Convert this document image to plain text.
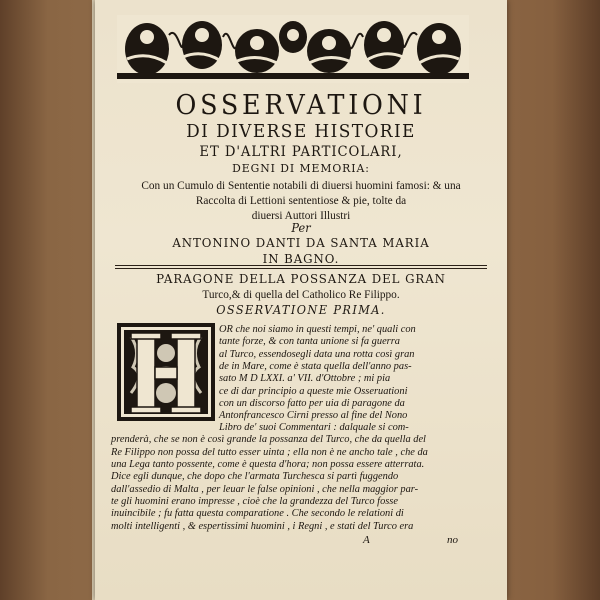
OSSERVATIONI
DI DIVERSE HISTORIE
ET D'ALTRI PARTICOLARI,
DEGNI DI MEMORIA:
Con un Cumulo di Sententie notabili di diuersi huomini famosi: & una
Raccolta di Lettioni sententiose & pie, tolte da
diuersi Auttori Illustri
Per
ANTONINO DANTI DA SANTA MARIA
IN BAGNO.
PARAGONE DELLA POSSANZA DEL GRAN
Turco,& di quella del Catholico Re Filippo.
OSSERVATIONE PRIMA.
OR che noi siamo in questi tempi, ne' quali con
tante forze, & con tanta unione si fa guerra
al Turco, essendosegli data una rotta così gran
de in Mare, come è stata quella dell'anno pas-
sato M D LXXI. a' VII. d'Ottobre ; mi pia
ce di dar principio a queste mie Osseruationi
con un discorso fatto per uia di paragone da
Antonfrancesco Cirni presso al fine del Nono
Libro de' suoi Commentari : dalquale si com-
prenderà, che se non è così grande la possanza del Turco, che da quella del
Re Filippo non possa del tutto esser uinta ; ella non è ne ancho tale , che da
una Lega tanto possente, come è questa d'hora; non possa essere atterrata.
Dice egli dunque, che dopo che l'armata Turchesca si partì fuggendo
dall'assedio di Malta , per leuar le false opinioni , che nella maggior par-
te gli huomini erano impresse , cioè che la grandezza del Turco fosse
inuincibile ; fu fatta questa comparatione . Che secondo le relationi di
molti intelligenti , & espertissimi huomini , i Regni , e stati del Turco era
A	no
